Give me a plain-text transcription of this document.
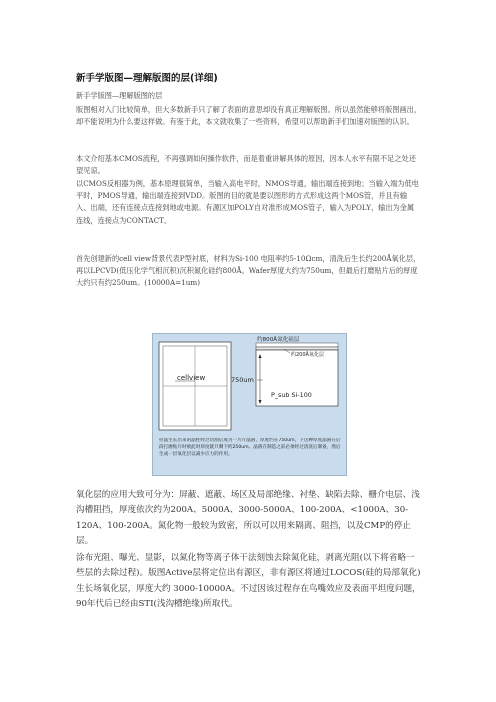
新手学版图—理解版图的层(详细)

新手学版图—理解版图的层

版图相对入门比较简单，但大多数新手只了解了表面的意思却没有真正理解版图。所以虽然能够将版图画出，却不能说明为什么要这样做。有鉴于此，本文就收集了一些资料，希望可以帮助新手们加速对版图的认识。

本文介绍基本CMOS流程，不再强调如何操作软件，而是着重讲解具体的原因，因本人水平有限不足之处还望见谅。

以CMOS反相器为例，基本原理很简单，当输入高电平时，NMOS导通，输出端连接到地；当输入端为低电平时，PMOS导通，输出端连接到VDD。版图的目的就是要以图形的方式形成这两个MOS管，并且有输入、出端，还有连接点连接到地或电源。有源区加POLY自对准形成MOS管子，输入为POLY，输出为金属连线，连接点为CONTACT。

首先创建新的cell view背景代表P型衬底，材料为Si-100 电阻率约5-10Ωcm，清洗后生长约200Å氧化层，再以LPCVD(低压化学气相沉积)沉积氮化硅约800Å。Wafer厚度大约为750um，但最后打磨贴片后的厚度大约只有约250um。(10000A=1um)

cellview
约800Å氮化硅层
约200Å氧化层
750um
P_sub Si-100
拉晶生长出来的晶柱经过切割后成为一片片晶圆，厚度约在750um，下这种厚度晶圆在后段打磨贴片时被此时厚度就只剩下约250um。晶圆在制造之前必须经过清洗后制备，然后生成一层氧化层以减少应力的作用。

氧化层的应用大致可分为：屏蔽、遮蔽、场区及局部绝缘、衬垫、缺陷去除、栅介电层、浅沟槽阻挡，厚度依次约为200A、5000A、3000-5000A、100-200A、<1000A、30-120A、100-200A。氮化物一般较为致密，所以可以用来隔离、阻挡，以及CMP的停止层。

涂布光阻、曝光、显影，以氮化物等离子体干法刻蚀去除氮化硅，剥离光阻(以下将省略一些层的去除过程)。版图Active层将定位出有源区，非有源区将通过LOCOS(硅的局部氧化)生长场氧化层，厚度大约 3000-10000A。不过因该过程存在鸟嘴效应及表面平坦度问题，90年代后已经由STI(浅沟槽绝缘)所取代。
